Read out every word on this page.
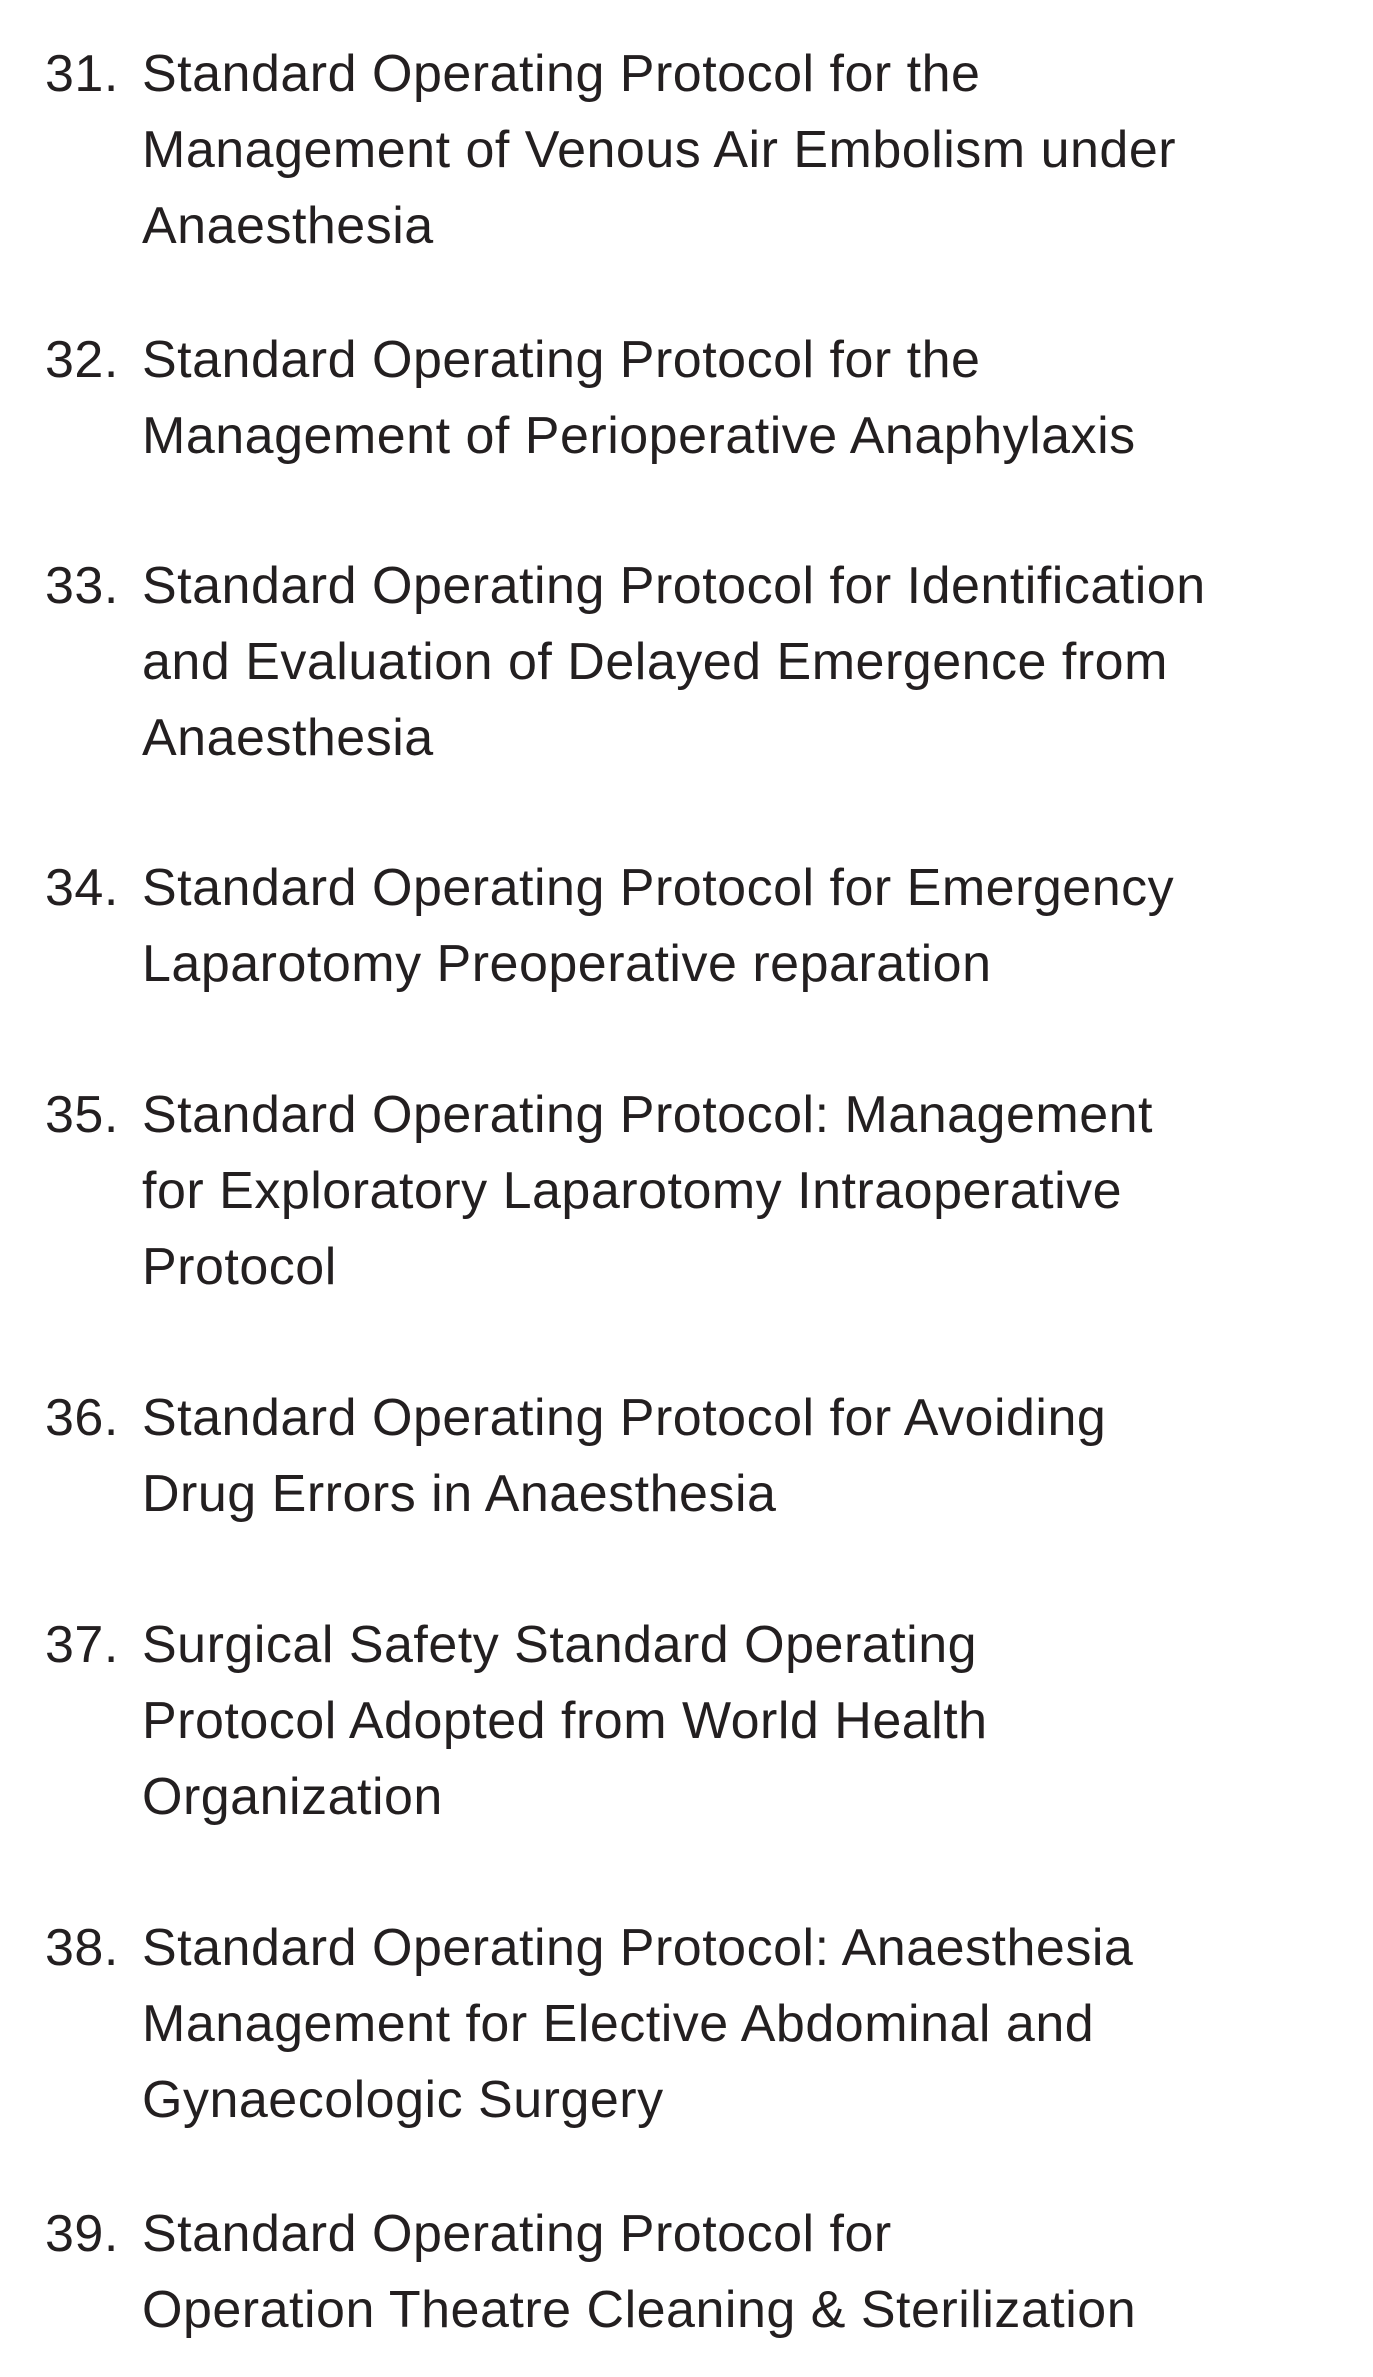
31. Standard Operating Protocol for the
Management of Venous Air Embolism under
Anaesthesia
32. Standard Operating Protocol for the
Management of Perioperative Anaphylaxis
33. Standard Operating Protocol for Identification
and Evaluation of Delayed Emergence from
Anaesthesia
34. Standard Operating Protocol for Emergency
Laparotomy Preoperative reparation
35. Standard Operating Protocol: Management
for Exploratory Laparotomy Intraoperative
Protocol
36. Standard Operating Protocol for Avoiding
Drug Errors in Anaesthesia
37. Surgical Safety Standard Operating
Protocol Adopted from World Health
Organization
38. Standard Operating Protocol: Anaesthesia
Management for Elective Abdominal and
Gynaecologic Surgery
39. Standard Operating Protocol for
Operation Theatre Cleaning & Sterilization
